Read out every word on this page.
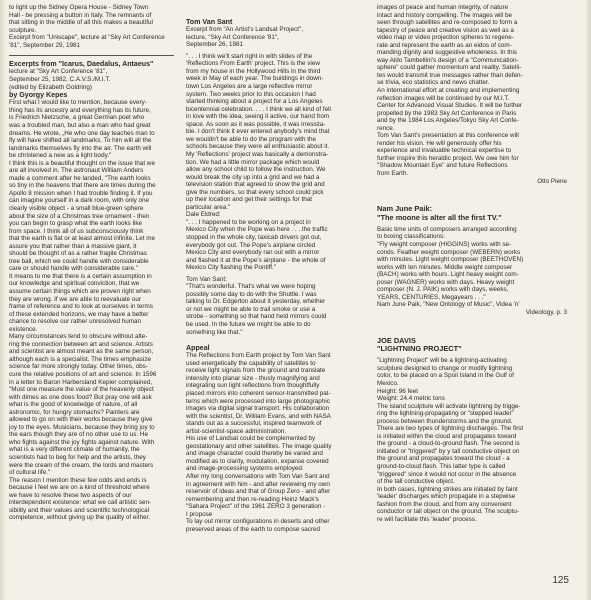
to light up the Sidney Opera House - Sidney Town
Hall - be pressing a button in Italy. The remnants of
that sitting in the middle of all this makes a beautiful
sculpture.

Excerpt from "Uniscape", lecture at "Sky Art Conference
'81", September 29, 1981

Excerpts from "Icarus, Daedalus, Antaeus"

lecture at "Sky Art Conference '81",
September 25, 1982, C.A.V.S./M.I.T.
(edited by Elizabeth Goldring)

by Gyorgy Kepes

First what I would like to mention, because every-
thing has its ancestry and everything has its future,
is Friedrich Nietzsche, a great German poet who
was a troubled man, but also a man who had great
dreams. He wrote, „He who one day teaches man to
fly will have shifted all landmarks. To him will all the
landmarks themselves fly into the air. The earth will
be christened a new as a light body."

I think this is a beautiful thought on the issue that we
are all involved in. The astronaut William Anders
made a comment after he landed, "The earth looks
so tiny in the heavens that there are times during the
Apollo 8 mission when I had trouble finding it. If you
can imagine yourself in a dark room, with only one
clearly visible object - a small blue-green sphere
about the size of a Christmas tree ornament - then
you can begin to grasp what the earth looks like
from space. I think all of us subconsciously think
that the earth is flat or at least almost infinite. Let me
assure you that rather than a massive giant, it
should be thought of as a rather fragile Christmas
tree ball, which we could handle with considerable
care or should handle with considerable care."

It means to me that there is a certain assumption in
our knowledge and spiritual conviction, that we
assume certain things which are proven right when
they are wrong. If we are able to reevaluate our
frame of reference and to look at ourselves in terms
of these extended horizons, we may have a better
chance to resolve our rather unresolved human
existence.

Many circumstances tend to obscure without alte-
ring the connection between art and science. Artists
and scientist are almost meant as the same person,
although each is a specialist. The times emphasize
science far more strongly today. Other times, obs-
cure the relative positions of art and science. In 1596
in a letter to Baron Harbersland Kepler complained,
"Must one measure the value of the heavenly object
with dimes as one does food? But pray one will ask
what is the good of knowledge of nature, of all
astronomic, for hungry stomachs? Painters are
allowed to go on with their works because they give
joy to the eyes. Musicians, because they bring joy to
the ears though they are of no other use to us. He
who fights against the joy fights against nature. With
what is a very different climate of humanity, the
scientists had to beg for help and the artists, they
were the cream of the cream, the lords and masters
of cultural life."

The reason I mention these few odds and ends is
because I feel we are on a kind of threshold where
we have to resolve these two aspects of our
interdependent existence: what we call artistic sen-
sibility and their values and scientific technological
competence, without giving up the quality of either.

Tom Van Sant

Excerpt from "An Artist's Landsat Project",
lecture, "Sky Art Conference '81",
September 26, 1981

". . . I think we'll start right in with slides of the
'Reflections From Earth' project. This is the view
from my house in the Hollywood Hills in the third
week in May of each year. The buildings in down-
town Los Angeles are a large reflective mirror
system. Two weeks prior to this occasion I had
started thinking about a project for a Los Angeles
bicentennial celebration. . . . I think we all kind of fell
in love with the idea, seeing it active, our hand from
space. As soon as it was possible, it was irresista-
ble. I don't think it ever entered anybody's mind that
we wouldn't be able to do the program with the
schools because they were all enthusiastic about it.
My 'Reflections' project was basically a demonstra-
tion. We had a little mirror package which would
allow any school child to follow the instruction. We
would break the city up into a grid and we had a
television station that agreed to show the grid and
give the numbers, so that every school could pick
up their location and get their settings for that
particular area."

Dale Eldred:

". . . I happened to be working on a project in
Mexico City when the Pope was here . . . the traffic
stopped in the whole city, taxicab drivers got out,
everybody got out. The Pope's airplane circled
Mexico City and everybody ran out with a mirror
and flashed it at the Pope's airplane - the whole of
Mexico City flashing the Pontiff."

Tom Van Sant:

"That's wonderful. That's what we were hoping
possibly some day to do with the Shuttle. I was
talking to Dr. Edgerton about it yesterday, whether
or not we might be able to trail smoke or use a
strobe - something so that hand held mirrors could
be used. In the future we might be able to do
something like that."

Appeal

The Reflections from Earth project by Tom Van Sant
used energetically the capability of satellites to
receive light signals from the ground and translate
intensity into planar size - thusly magnifying and
integrating sun light reflections from thoughtfully
placed mirrors into coherent sensor-transmitted pat-
terns which were processed into large photographic
images via digital signal transport. His collaboration
with the scientist, Dr. William Evans, and with NASA
stands out as a successful, inspired teamwork of
artist-scientist-space administration.

His use of Landsat could be complemented by
geostationary and other satellites. The image quality
and image character could thereby be varied and
modified as to clarity, modulation, expanse covered
and image-processing systems employed.

After my long conversations with Tom Van Sant and
in agreement with him - and after reviewing my own
reservoir of ideas and that of Group Zero - and after
remembering and then re-reading Heinz Mack's
"Sahara Project" of the 1961 ZERO 3 generation -
I propose

To lay out mirror configurations in deserts and other
preserved areas of the earth to compose sacred

images of peace and human integrity, of nature
intact and history compelling. The images will be
seen through satellites and re-composed to form a
tapestry of peace and creative vision as well as a
video map or video projection spheres to regene-
rate and represent the earth as an eidos of com-
manding dignity and suggestive wholeness. In this
way Aldo Tambellini's design of a "Communication-
sphere" could gather momentum and reality. Satelli-
tes would transmit true messages rather than defen-
se trivia, eco statistics and news chatter.

An international effort at creating and implementing
reflection images will be continued by our M.I.T.
Center for Advanced Visual Studies. It will be further
propelled by the 1983 Sky Art Conference in Paris
and by the 1984 Los Angeles/Tokyo Sky Art Confe-
rence.

Tom Van Sant's presentation at this conference will
render his vision. He will generously offer his
experience and invaluable technical expertise to
further inspire this heraldic project. We owe him for
"Shadow Mountain Eye" and future Reflections
from Earth.

Otto Piene

Nam June Paik:
"The moone is alter all the first TV."

Basic time units of composers arranged according
to boxing classifications:

"Fly weight composer (HIGGINS) works with se-
conds. Feather weight composer (WEBERN) works
with minutes. Light weight composer (BEETHOVEN)
works with ten minutes. Middle weight composer
(BACH) works with hours. Light heavy weight com-
poser (WAGNER) works with days. Heavy weight
composer (N. J. PAIK) works with days, weeks,
YEARS, CENTURIES, Megayears . . ."

Nam June Paik, "New Ontology of Music", Videa 'n'

Videology, p. 3

JOE DAVIS
"LIGHTNING PROJECT"

"Lightning Project" will be a lightning-activating
sculpture designed to change or modify lightning
color, to be placed on a Spoil Island in the Gulf of
Mexico.

Height: 96 feet

Weight: 24.4 metric tons

The island sculpture will activate lightning by trigge-
ring the lightning-propagating or "stepped leader"
process between thunderstorms and the ground.
There are two types of lightning discharges. The first
is initiated within the cloud and propagates toward
the ground - a cloud-to-ground flash. The second is
initiated or "triggered" by y tall conductive object on
the ground and propagates toward the cloud - a
ground-to-cloud flash. This latter type is called
"triggered" since it would not occur in the absence
of the tall conductive object.

In both cases, lightning strikes are initiated by faint
'leader' discharges which propagate in a stepwise
fashion from the cloud, and from any convenient
conductor or tall object on the ground. The sculptu-
re will facilitate this 'leader' process.

125
